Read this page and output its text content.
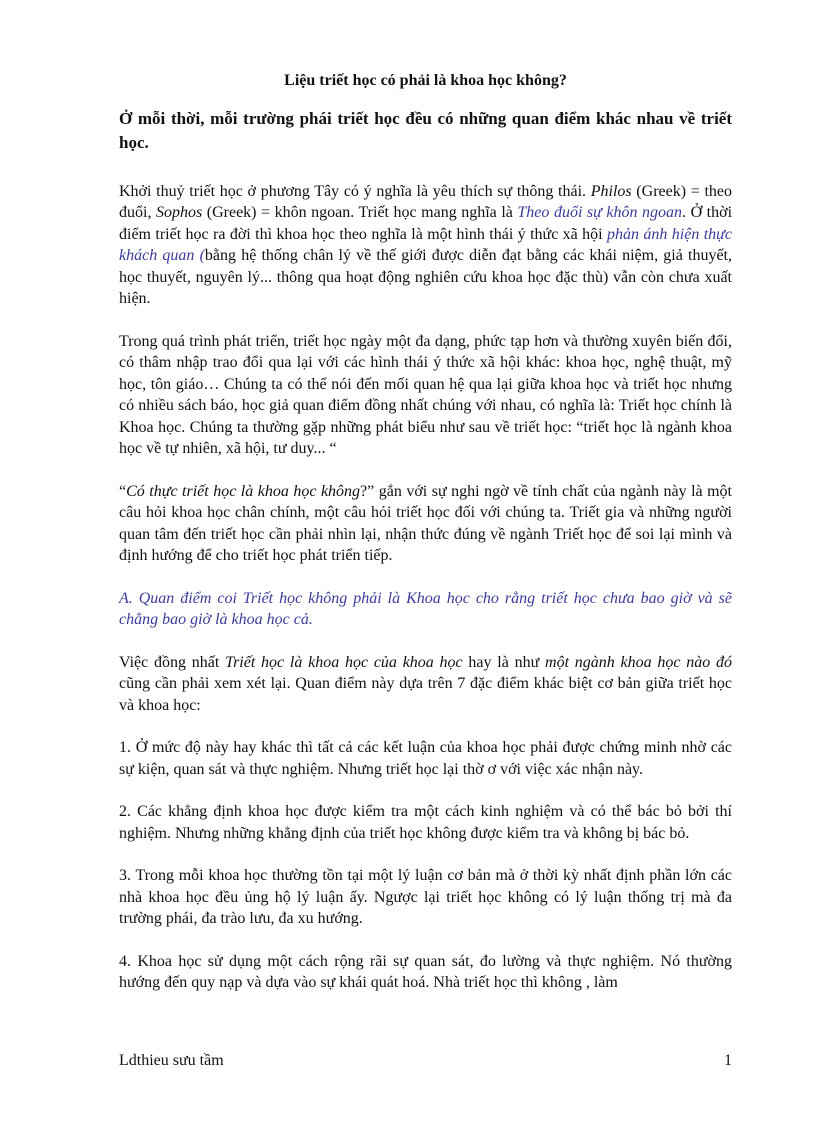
Liệu triết học có phải là khoa học không?
Ở mỗi thời, mỗi trường phái triết học đều có những quan điểm khác nhau về triết học.

Khởi thuỷ triết học ở phương Tây có ý nghĩa là yêu thích sự thông thái. Philos (Greek) = theo đuổi, Sophos (Greek) = khôn ngoan. Triết học mang nghĩa là Theo đuổi sự khôn ngoan. Ở thời điểm triết học ra đời thì khoa học theo nghĩa là một hình thái ý thức xã hội phản ánh hiện thực khách quan (bằng hệ thống chân lý về thế giới được diễn đạt bằng các khái niệm, giả thuyết, học thuyết, nguyên lý... thông qua hoạt động nghiên cứu khoa học đặc thù) vẫn còn chưa xuất hiện.

Trong quá trình phát triển, triết học ngày một đa dạng, phức tạp hơn và thường xuyên biến đổi, có thâm nhập trao đổi qua lại với các hình thái ý thức xã hội khác: khoa học, nghệ thuật, mỹ học, tôn giáo… Chúng ta có thể nói đến mối quan hệ qua lại giữa khoa học và triết học nhưng có nhiều sách báo, học giả quan điểm đồng nhất chúng với nhau, có nghĩa là: Triết học chính là Khoa học. Chúng ta thường gặp những phát biểu như sau về triết học: “triết học là ngành khoa học về tự nhiên, xã hội, tư duy... “

“Có thực triết học là khoa học không?” gắn với sự nghi ngờ về tính chất của ngành này là một câu hỏi khoa học chân chính, một câu hỏi triết học đối với chúng ta. Triết gia và những người quan tâm đến triết học cần phải nhìn lại, nhận thức đúng về ngành Triết học để soi lại mình và định hướng để cho triết học phát triển tiếp.

A. Quan điểm coi Triết học không phải là Khoa học cho rằng triết học chưa bao giờ và sẽ chẳng bao giờ là khoa học cả.

Việc đồng nhất Triết học là khoa học của khoa học hay là như một ngành khoa học nào đó cũng cần phải xem xét lại. Quan điểm này dựa trên 7 đặc điểm khác biệt cơ bản giữa triết học và khoa học:

1. Ở mức độ này hay khác thì tất cả các kết luận của khoa học phải được chứng minh nhờ các sự kiện, quan sát và thực nghiệm. Nhưng triết học lại thờ ơ với việc xác nhận này.

2. Các khẳng định khoa học được kiểm tra một cách kinh nghiệm và có thể bác bỏ bởi thí nghiệm. Nhưng những khẳng định của triết học không được kiểm tra và không bị bác bỏ.

3. Trong mỗi khoa học thường tồn tại một lý luận cơ bản mà ở thời kỳ nhất định phần lớn các nhà khoa học đều ủng hộ lý luận ấy. Ngược lại triết học không có lý luận thống trị mà đa trường phái, đa trào lưu, đa xu hướng.

4. Khoa học sử dụng một cách rộng rãi sự quan sát, đo lường và thực nghiệm. Nó thường hướng đến quy nạp và dựa vào sự khái quát hoá. Nhà triết học thì không , làm

Ldthieu sưu tầm	1
